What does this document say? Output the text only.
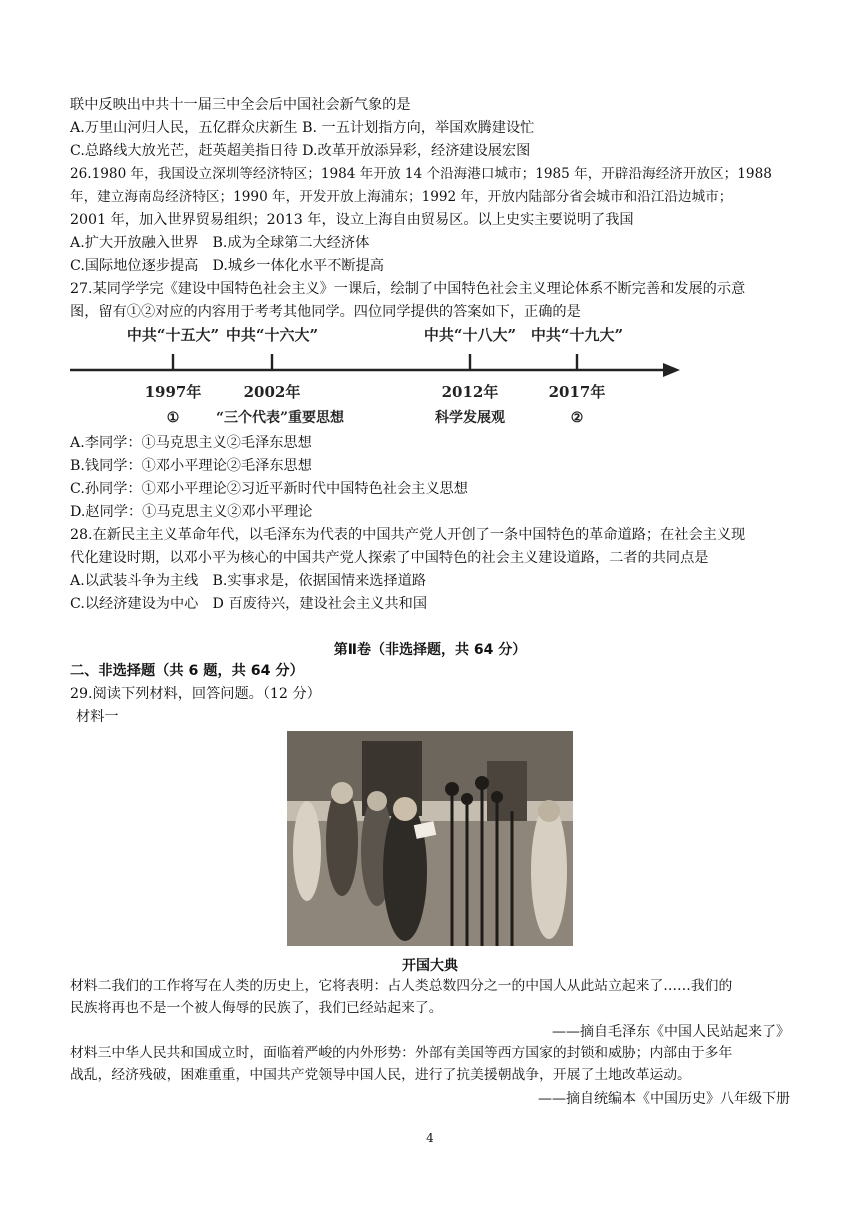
联中反映出中共十一届三中全会后中国社会新气象的是
A.万里山河归人民，五亿群众庆新生 B. 一五计划指方向，举国欢腾建设忙
C.总路线大放光芒，赶英超美指日待 D.改革开放添异彩，经济建设展宏图
26.1980 年，我国设立深圳等经济特区；1984 年开放 14 个沿海港口城市；1985 年，开辟沿海经济开放区；1988
年，建立海南岛经济特区；1990 年，开发开放上海浦东；1992 年，开放内陆部分省会城市和沿江沿边城市；
2001 年，加入世界贸易组织；2013 年，设立上海自由贸易区。以上史实主要说明了我国
A.扩大开放融入世界　B.成为全球第二大经济体
C.国际地位逐步提高　D.城乡一体化水平不断提高
27.某同学学完《建设中国特色社会主义》一课后，绘制了中国特色社会主义理论体系不断完善和发展的示意
图，留有①②对应的内容用于考考其他同学。四位同学提供的答案如下，正确的是
中共“十五大”
1997年
①
中共“十六大”
2002年
“三个代表”重要思想
中共“十八大”
2012年
科学发展观
中共“十九大”
2017年
②
A.李同学：①马克思主义②毛泽东思想
B.钱同学：①邓小平理论②毛泽东思想
C.孙同学：①邓小平理论②习近平新时代中国特色社会主义思想
D.赵同学：①马克思主义②邓小平理论
28.在新民主主义革命年代，以毛泽东为代表的中国共产党人开创了一条中国特色的革命道路；在社会主义现
代化建设时期，以邓小平为核心的中国共产党人探索了中国特色的社会主义建设道路，二者的共同点是
A.以武装斗争为主线　B.实事求是，依据国情来选择道路
C.以经济建设为中心　D 百废待兴，建设社会主义共和国
第Ⅱ卷（非选择题，共 64 分）
二、非选择题（共 6 题，共 64 分）
29.阅读下列材料，回答问题。（12 分）
材料一
开国大典
材料二我们的工作将写在人类的历史上，它将表明：占人类总数四分之一的中国人从此站立起来了……我们的
民族将再也不是一个被人侮辱的民族了，我们已经站起来了。
——摘自毛泽东《中国人民站起来了》
材料三中华人民共和国成立时，面临着严峻的内外形势：外部有美国等西方国家的封锁和威胁；内部由于多年
战乱，经济残破，困难重重，中国共产党领导中国人民，进行了抗美援朝战争，开展了土地改革运动。
——摘自统编本《中国历史》八年级下册
4
